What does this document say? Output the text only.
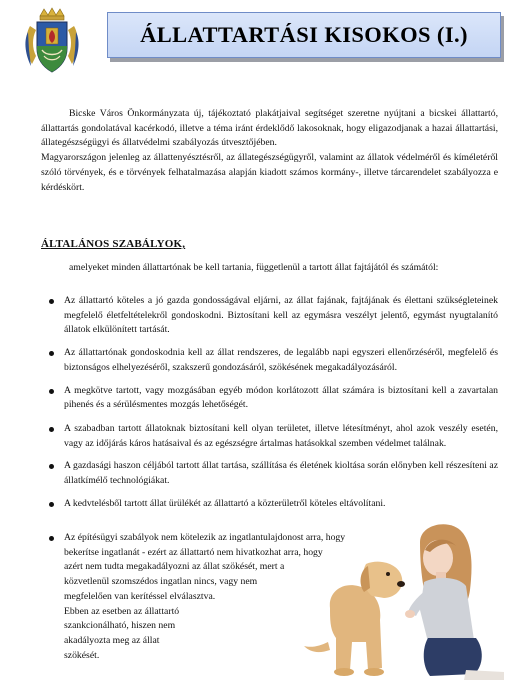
ÁLLATTARTÁSI KISOKOS (I.)

Bicske Város Önkormányzata új, tájékoztató plakátjaival segítséget szeretne nyújtani a bicskei állattartó, állattartás gondolatával kacérkodó, illetve a téma iránt érdeklődő lakosoknak, hogy eligazodjanak a hazai állattartási, állategészségügyi és állatvédelmi szabályozás útvesztőjében.

Magyarországon jelenleg az állattenyésztésről, az állategészségügyről, valamint az állatok védelméről és kíméletéről szóló törvények, és e törvények felhatalmazása alapján kiadott számos kormány-, illetve tárcarendelet szabályozza e kérdéskört.

ÁLTALÁNOS SZABÁLYOK,
amelyeket minden állattartónak be kell tartania, függetlenül a tartott állat fajtájától és számától:
Az állattartó köteles a jó gazda gondosságával eljárni, az állat fajának, fajtájának és élettani szükségleteinek megfelelő életfeltételekről gondoskodni. Biztosítani kell az egymásra veszélyt jelentő, egymást nyugtalanító állatok elkülönített tartását.
Az állattartónak gondoskodnia kell az állat rendszeres, de legalább napi egyszeri ellenőrzéséről, megfelelő és biztonságos elhelyezéséről, szakszerű gondozásáról, szökésének megakadályozásáról.
A megkötve tartott, vagy mozgásában egyéb módon korlátozott állat számára is biztosítani kell a zavartalan pihenés és a sérülésmentes mozgás lehetőségét.
A szabadban tartott állatoknak biztosítani kell olyan területet, illetve létesítményt, ahol azok veszély esetén, vagy az időjárás káros hatásaival és az egészségre ártalmas hatásokkal szemben védelmet találnak.
A gazdasági haszon céljából tartott állat tartása, szállítása és életének kioltása során előnyben kell részesíteni az állatkímélő technológiákat.
A kedvtelésből tartott állat ürülékét az állattartó a közterületről köteles eltávolítani.
Az építésügyi szabályok nem kötelezik az ingatlantulajdonost arra, hogy
bekerítse ingatlanát - ezért az állattartó nem hivatkozhat arra, hogy
azért nem tudta megakadályozni az állat szökését, mert a
közvetlenül szomszédos ingatlan nincs, vagy nem
megfelelően van kerítéssel elválasztva.
Ebben az esetben az állattartó
szankcionálható, hiszen nem
akadályozta meg az állat
szökését.
